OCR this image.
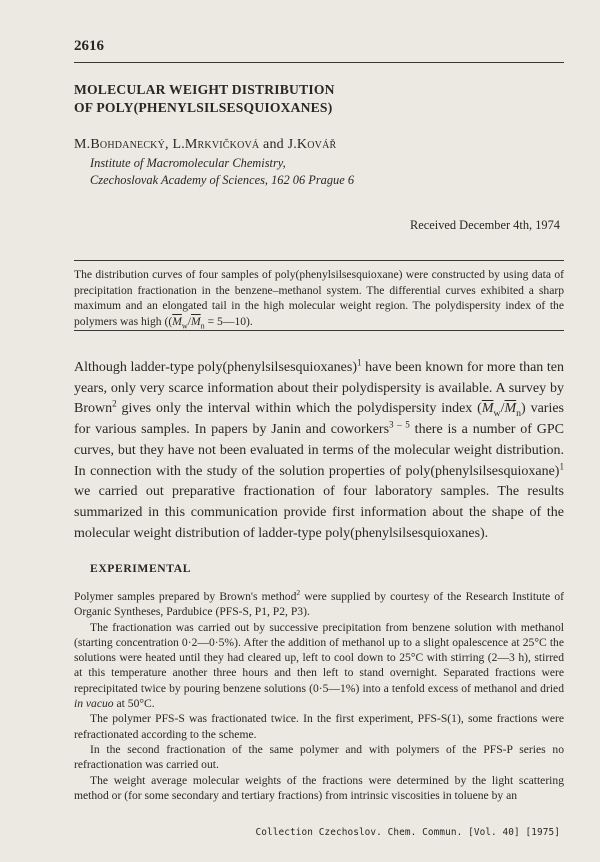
2616
MOLECULAR WEIGHT DISTRIBUTION
OF POLY(PHENYLSILSESQUIOXANES)
M.Bohdanecký, L.Mrkvičková and J.Kovář
Institute of Macromolecular Chemistry,
Czechoslovak Academy of Sciences, 162 06 Prague 6
Received December 4th, 1974
The distribution curves of four samples of poly(phenylsilsesquioxane) were constructed by using data of precipitation fractionation in the benzene–methanol system. The differential curves exhibited a sharp maximum and an elongated tail in the high molecular weight region. The polydispersity index of the polymers was high (($\overline{M}_w/\overline{M}_n$ = 5—10).
Although ladder-type poly(phenylsilsesquioxanes)$^1$ have been known for more than ten years, only very scarce information about their polydispersity is available. A survey by Brown$^2$ gives only the interval within which the polydispersity index $(\overline{M}_w/\overline{M}_n)$ varies for various samples. In papers by Janin and coworkers$^{3 - 5}$ there is a number of GPC curves, but they have not been evaluated in terms of the molecular weight distribution. In connection with the study of the solution properties of poly(phenylsilsesquioxane)$^1$ we carried out preparative fractionation of four laboratory samples. The results summarized in this communication provide first information about the shape of the molecular weight distribution of ladder-type poly(phenylsilsesquioxanes).
EXPERIMENTAL

Polymer samples prepared by Brown's method$^2$ were supplied by courtesy of the Research Institute of Organic Syntheses, Pardubice (PFS-S, P1, P2, P3).

The fractionation was carried out by successive precipitation from benzene solution with methanol (starting concentration 0·2—0·5%). After the addition of methanol up to a slight opalescence at 25°C the solutions were heated until they had cleared up, left to cool down to 25°C with stirring (2—3 h), stirred at this temperature another three hours and then left to stand overnight. Separated fractions were reprecipitated twice by pouring benzene solutions (0·5—1%) into a tenfold excess of methanol and dried in vacuo at 50°C.

The polymer PFS-S was fractionated twice. In the first experiment, PFS-S(1), some fractions were refractionated according to the scheme.

In the second fractionation of the same polymer and with polymers of the PFS-P series no refractionation was carried out.

The weight average molecular weights of the fractions were determined by the light scattering method or (for some secondary and tertiary fractions) from intrinsic viscosities in toluene by an

Collection Czechoslov. Chem. Commun. [Vol. 40] [1975]
